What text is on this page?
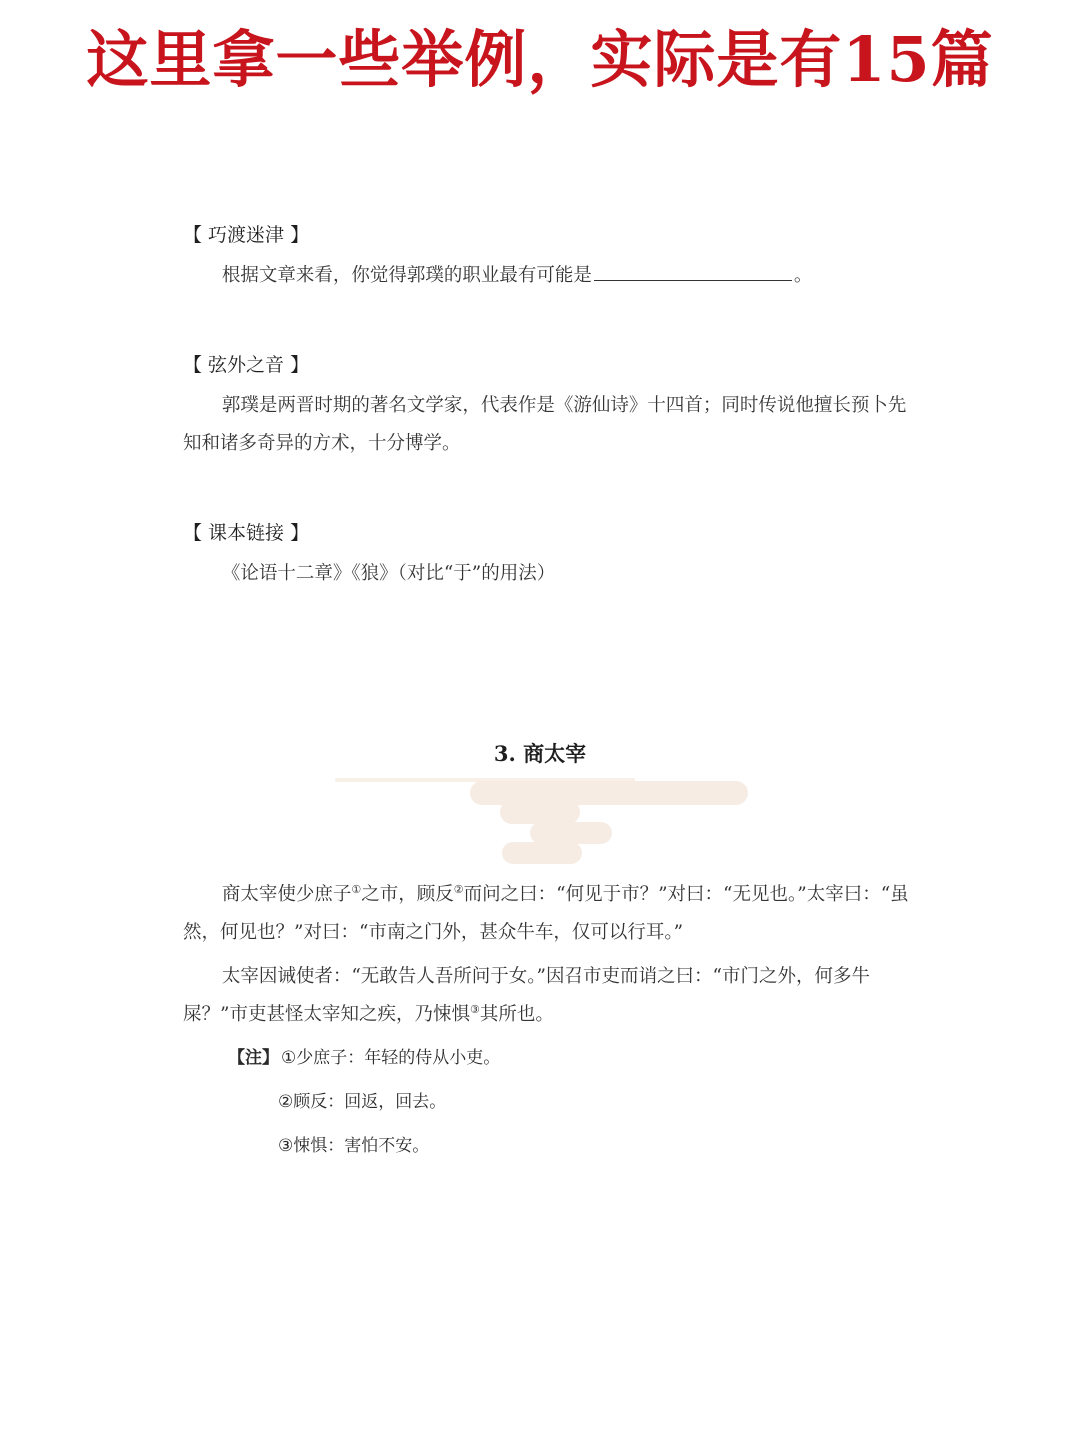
这里拿一些举例，实际是有15篇
【 巧渡迷津 】
根据文章来看，你觉得郭璞的职业最有可能是	。
【 弦外之音 】
郭璞是两晋时期的著名文学家，代表作是《游仙诗》十四首；同时传说他擅长预卜先知和诸多奇异的方术，十分博学。
【 课本链接 】
《论语十二章》《狼》（对比“于”的用法）
3. 商太宰
商太宰使少庶子①之市，顾反②而问之曰：“何见于市？”对曰：“无见也。”太宰曰：“虽然，何见也？”对曰：“市南之门外，甚众牛车，仅可以行耳。”
太宰因诫使者：“无敢告人吾所问于女。”因召市吏而诮之曰：“市门之外，何多牛屎？”市吏甚怪太宰知之疾，乃悚惧③其所也。
【注】 ①少庶子：年轻的侍从小吏。
②顾反：回返，回去。
③悚惧：害怕不安。
